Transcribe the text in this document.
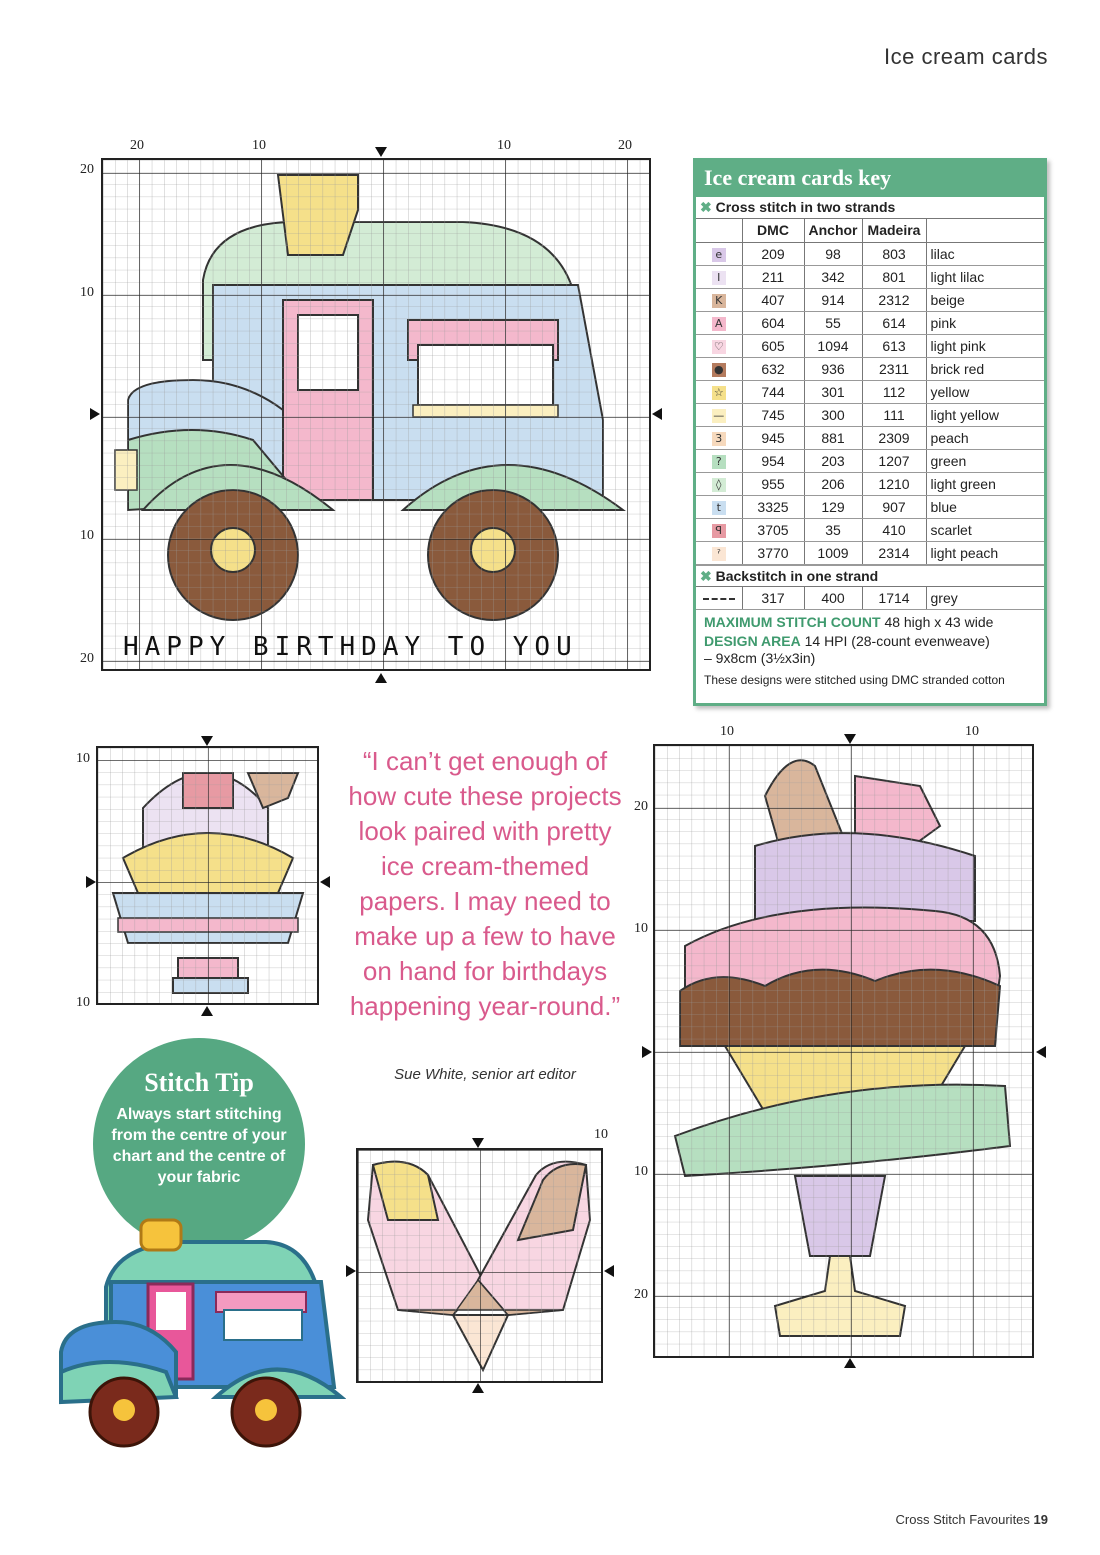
Ice cream cards
20	10	10	20
20
10
10
20 HAPPY BIRTHDAY TO YOU
Ice cream cards key
✖ Cross stitch in two strands
	DMC	Anchor	Madeira	
e	209	98	803	lilac
I	211	342	801	light lilac
K	407	914	2312	beige
A	604	55	614	pink
♡	605	1094	613	light pink
●	632	936	2311	brick red
☆	744	301	112	yellow
—	745	300	111	light yellow
3	945	881	2309	peach
?	954	203	1207	green
◊	955	206	1210	light green
t	3325	129	907	blue
ꟼ	3705	35	410	scarlet
ˀ	3770	1009	2314	light peach
✖ Backstitch in one strand
	317	400	1714	grey
MAXIMUM STITCH COUNT 48 high x 43 wide
DESIGN AREA 14 HPI (28-count evenweave)
– 9x8cm (3½x3in)
These designs were stitched using DMC stranded cotton
10
10
“I can’t get enough of how cute these projects look paired with pretty ice cream-themed papers. I may need to make up a few to have on hand for birthdays happening year-round.”
Sue White, senior art editor
10	10
20
10
10
20
10
Stitch Tip
Always start stitching from the centre of your chart and the centre of your fabric
Cross Stitch Favourites 19
